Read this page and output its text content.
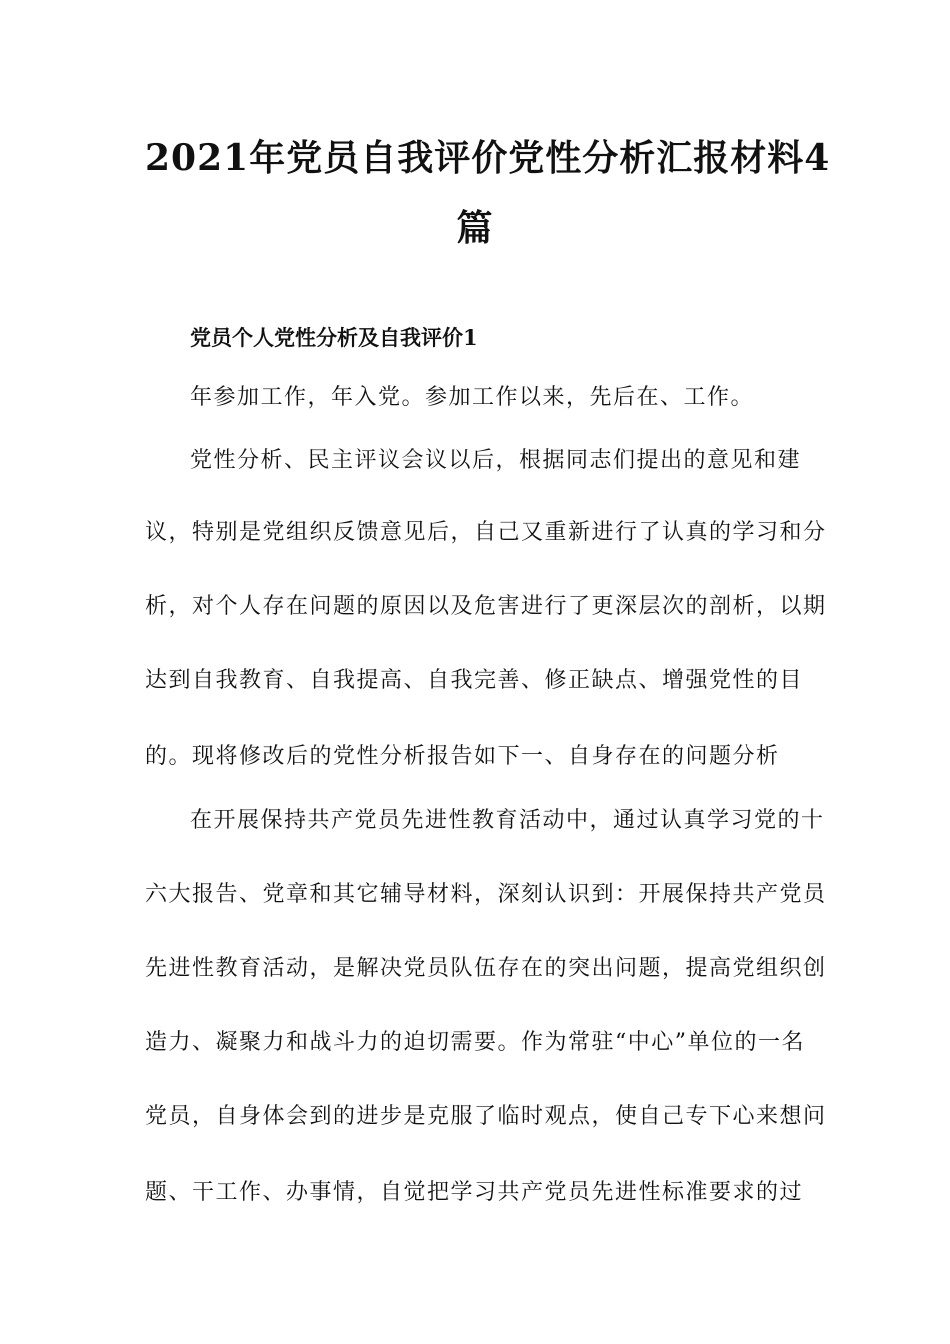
2021年党员自我评价党性分析汇报材料4
篇
党员个人党性分析及自我评价1
年参加工作，年入党。参加工作以来，先后在、工作。
党性分析、民主评议会议以后，根据同志们提出的意见和建
议，特别是党组织反馈意见后，自己又重新进行了认真的学习和分
析，对个人存在问题的原因以及危害进行了更深层次的剖析，以期
达到自我教育、自我提高、自我完善、修正缺点、增强党性的目
的。现将修改后的党性分析报告如下一、自身存在的问题分析
在开展保持共产党员先进性教育活动中，通过认真学习党的十
六大报告、党章和其它辅导材料，深刻认识到：开展保持共产党员
先进性教育活动，是解决党员队伍存在的突出问题，提高党组织创
造力、凝聚力和战斗力的迫切需要。作为常驻“中心”单位的一名
党员，自身体会到的进步是克服了临时观点，使自己专下心来想问
题、干工作、办事情，自觉把学习共产党员先进性标准要求的过
